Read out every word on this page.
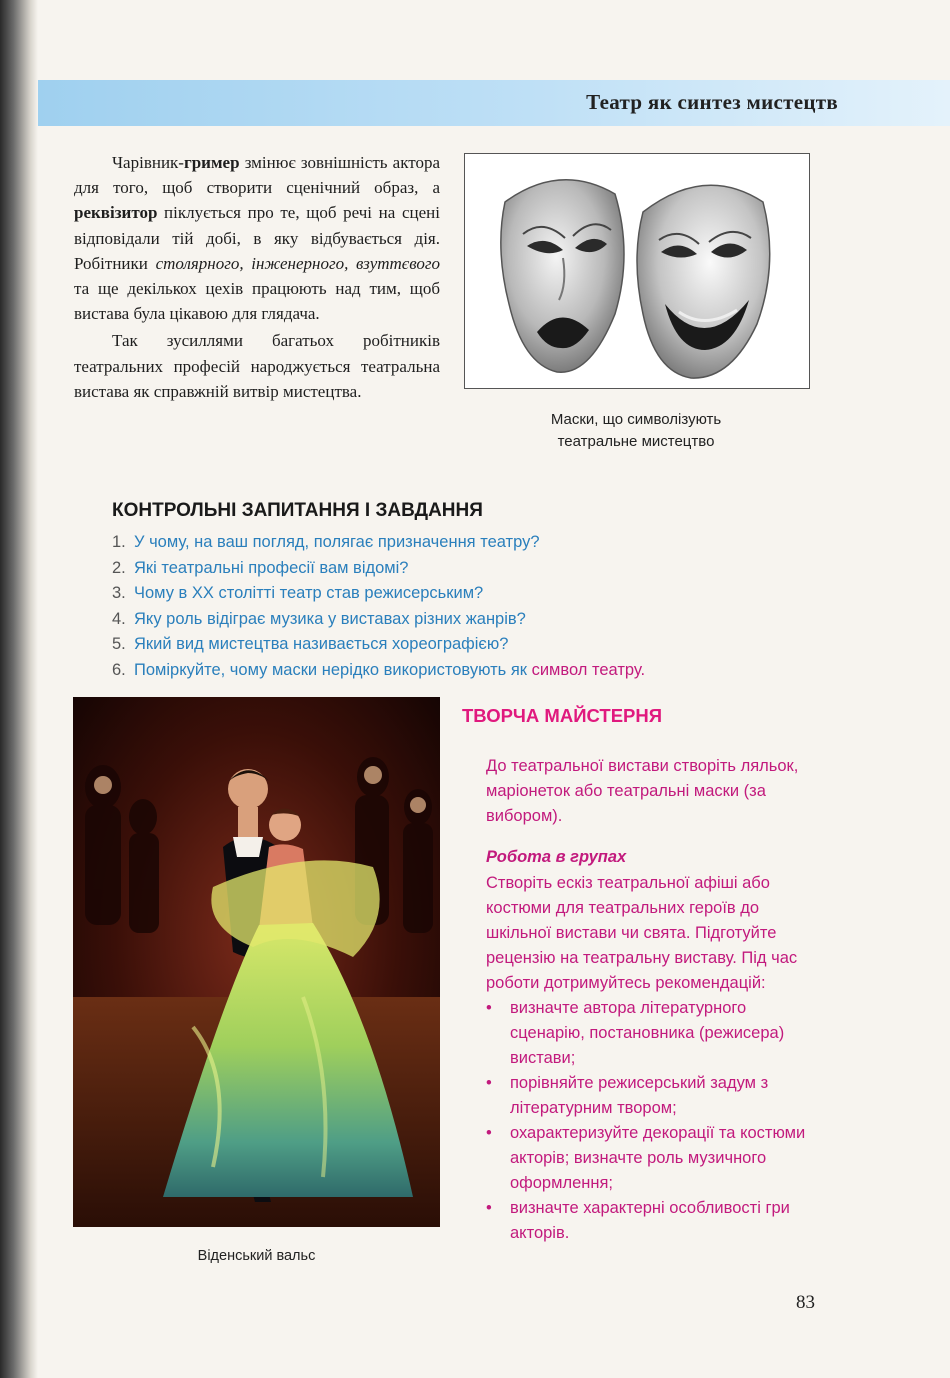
Театр як синтез мистецтв

Чарівник-гример змінює зовнішність актора для того, щоб створити сценічний образ, а реквізитор піклується про те, щоб речі на сцені відповідали тій добі, в яку відбувається дія. Робітники столярного, інженерного, взуттєвого та ще декількох цехів працюють над тим, щоб вистава була цікавою для глядача.

Так зусиллями багатьох робітників театральних професій народжується театральна вистава як справжній витвір мистецтва.

Маски, що символізують
театральне мистецтво
КОНТРОЛЬНІ ЗАПИТАННЯ І ЗАВДАННЯ
1. У чому, на ваш погляд, полягає призначення театру?
2. Які театральні професії вам відомі?
3. Чому в XX столітті театр став режисерським?
4. Яку роль відіграє музика у виставах різних жанрів?
5. Який вид мистецтва називається хореографією?
6. Поміркуйте, чому маски нерідко використовують як символ театру.
Віденський вальс
ТВОРЧА МАЙСТЕРНЯ

До театральної вистави створіть ляльок, маріонеток або театральні маски (за вибором).

Робота в групах

Створіть ескіз театральної афіші або костюми для театральних героїв до шкільної вистави чи свята. Підготуйте рецензію на театральну виставу. Під час роботи дотримуйтесь рекомендацій:

• визначте автора літературного сценарію, постановника (режисера) вистави;
• порівняйте режисерський задум з літературним твором;
• охарактеризуйте декорації та костюми акторів; визначте роль музичного оформлення;
• визначте характерні особливості гри акторів.
83
